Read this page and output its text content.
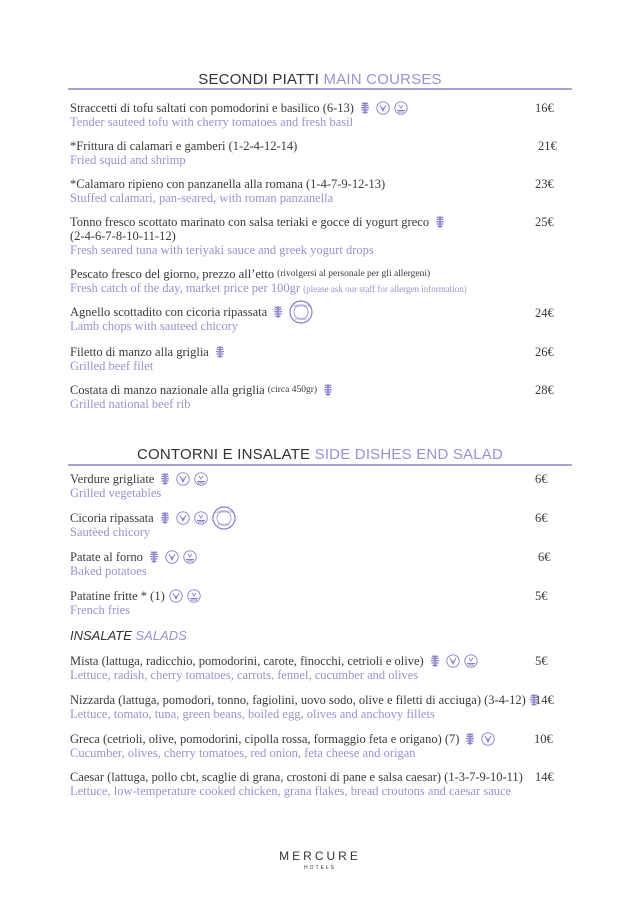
SECONDI PIATTI MAIN COURSES
Straccetti di tofu saltati con pomodorini e basilico (6-13)
Tender sauteed tofu with cherry tomatoes and fresh basil
16€
*Frittura di calamari e gamberi (1-2-4-12-14)
Fried squid and shrimp
21€
*Calamaro ripieno con panzanella alla romana (1-4-7-9-12-13)
Stuffed calamari, pan-seared, with roman panzanella
23€
Tonno fresco scottato marinato con salsa teriaki e gocce di yogurt greco
(2-4-6-7-8-10-11-12)
Fresh seared tuna with teriyaki sauce and greek yogurt drops
25€
Pescato fresco del giorno, prezzo all’etto (rivolgersi al personale per gli allergeni)
Fresh catch of the day, market price per 100gr (please ask our staff for allergen information)
Agnello scottadito con cicoria ripassata
Lamb chops with sauteed chicory
24€
Filetto di manzo alla griglia
Grilled beef filet
26€
Costata di manzo nazionale alla griglia (circa 450gr)
Grilled national beef rib
28€
CONTORNI E INSALATE SIDE DISHES END SALAD
Verdure grigliate
Grilled vegetables
6€
Cicoria ripassata
Sautèed chicory
6€
Patate al forno
Baked potatoes
6€
Patatine fritte * (1)
French fries
5€
INSALATE SALADS
Mista (lattuga, radicchio, pomodorini, carote, finocchi, cetrioli e olive)
Lettuce, radish, cherry tomatoes, carrots, fennel, cucumber and olives
5€
Nizzarda (lattuga, pomodori, tonno, fagiolini, uovo sodo, olive e filetti di acciuga) (3-4-12)
Lettuce, tomato, tuna, green beans, boiled egg, olives and anchovy fillets
14€
Greca (cetrioli, olive, pomodorini, cipolla rossa, formaggio feta e origano) (7)
Cucumber, olives, cherry tomatoes, red onion, feta cheese and origan
10€
Caesar (lattuga, pollo cbt, scaglie di grana, crostoni di pane e salsa caesar) (1-3-7-9-10-11)
Lettuce, low-temperature cooked chicken, grana flakes, bread croutons and caesar sauce
14€
MERCURE
HOTELS
